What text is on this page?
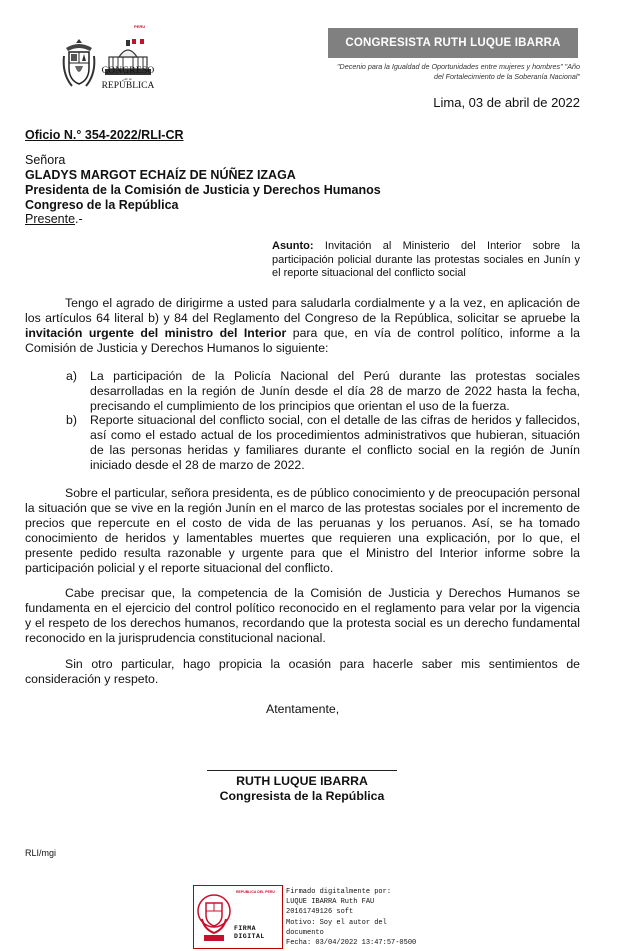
PERU
CONGRESO
de la
REPÚBLICA
CONGRESISTA RUTH LUQUE IBARRA
"Decenio para la Igualdad de Oportunidades entre mujeres y hombres" "Año
del Fortalecimiento de la Soberanía Nacional"
Lima, 03 de abril de 2022
Oficio N.° 354-2022/RLI-CR
Señora
GLADYS MARGOT ECHAÍZ DE NÚÑEZ IZAGA
Presidenta de la Comisión de Justicia y Derechos Humanos
Congreso de la República
Presente.-
Asunto: Invitación al Ministerio del Interior sobre la participación policial durante las protestas sociales en Junín y el reporte situacional del conflicto social
Tengo el agrado de dirigirme a usted para saludarla cordialmente y a la vez, en aplicación de los artículos 64 literal b) y 84 del Reglamento del Congreso de la República, solicitar se apruebe la invitación urgente del ministro del Interior para que, en vía de control político, informe a la Comisión de Justicia y Derechos Humanos lo siguiente:
a) La participación de la Policía Nacional del Perú durante las protestas sociales desarrolladas en la región de Junín desde el día 28 de marzo de 2022 hasta la fecha, precisando el cumplimiento de los principios que orientan el uso de la fuerza.
b) Reporte situacional del conflicto social, con el detalle de las cifras de heridos y fallecidos, así como el estado actual de los procedimientos administrativos que hubieran, situación de las personas heridas y familiares durante el conflicto social en la región de Junín iniciado desde el 28 de marzo de 2022.
Sobre el particular, señora presidenta, es de público conocimiento y de preocupación personal la situación que se vive en la región Junín en el marco de las protestas sociales por el incremento de precios que repercute en el costo de vida de las peruanas y los peruanos. Así, se ha tomado conocimiento de heridos y lamentables muertes que requieren una explicación, por lo que, el presente pedido resulta razonable y urgente para que el Ministro del Interior informe sobre la participación policial y el reporte situacional del conflicto.
Cabe precisar que, la competencia de la Comisión de Justicia y Derechos Humanos se fundamenta en el ejercicio del control político reconocido en el reglamento para velar por la vigencia y el respeto de los derechos humanos, recordando que la protesta social es un derecho fundamental reconocido en la jurisprudencia constitucional nacional.
Sin otro particular, hago propicia la ocasión para hacerle saber mis sentimientos de consideración y respeto.
Atentamente,
RUTH LUQUE IBARRA
Congresista de la República
RLI/mgi
REPUBLICA DEL PERU
FIRMA
DIGITAL
Firmado digitalmente por:
LUQUE IBARRA Ruth FAU
20161749126 soft
Motivo: Soy el autor del
documento
Fecha: 03/04/2022 13:47:57-0500
